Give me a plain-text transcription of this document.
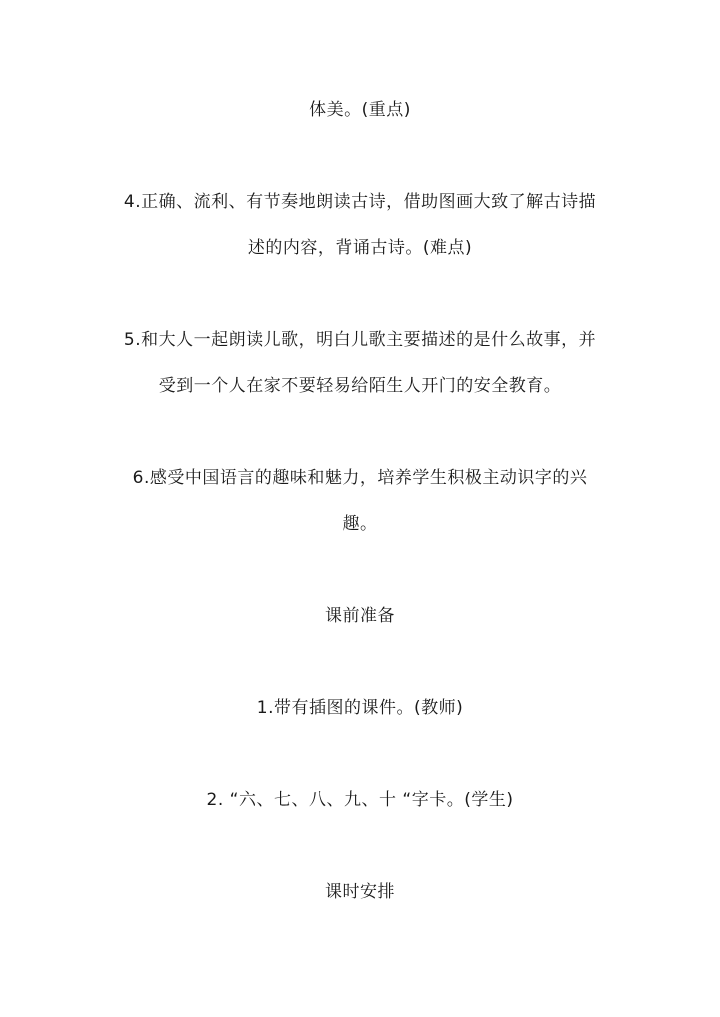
体美。(重点)
4.正确、流利、有节奏地朗读古诗，借助图画大致了解古诗描
述的内容，背诵古诗。(难点)
5.和大人一起朗读儿歌，明白儿歌主要描述的是什么故事，并
受到一个人在家不要轻易给陌生人开门的安全教育。
6.感受中国语言的趣味和魅力，培养学生积极主动识字的兴
趣。
课前准备
1.带有插图的课件。(教师)
2. “六、七、八、九、十 “字卡。(学生)
课时安排
